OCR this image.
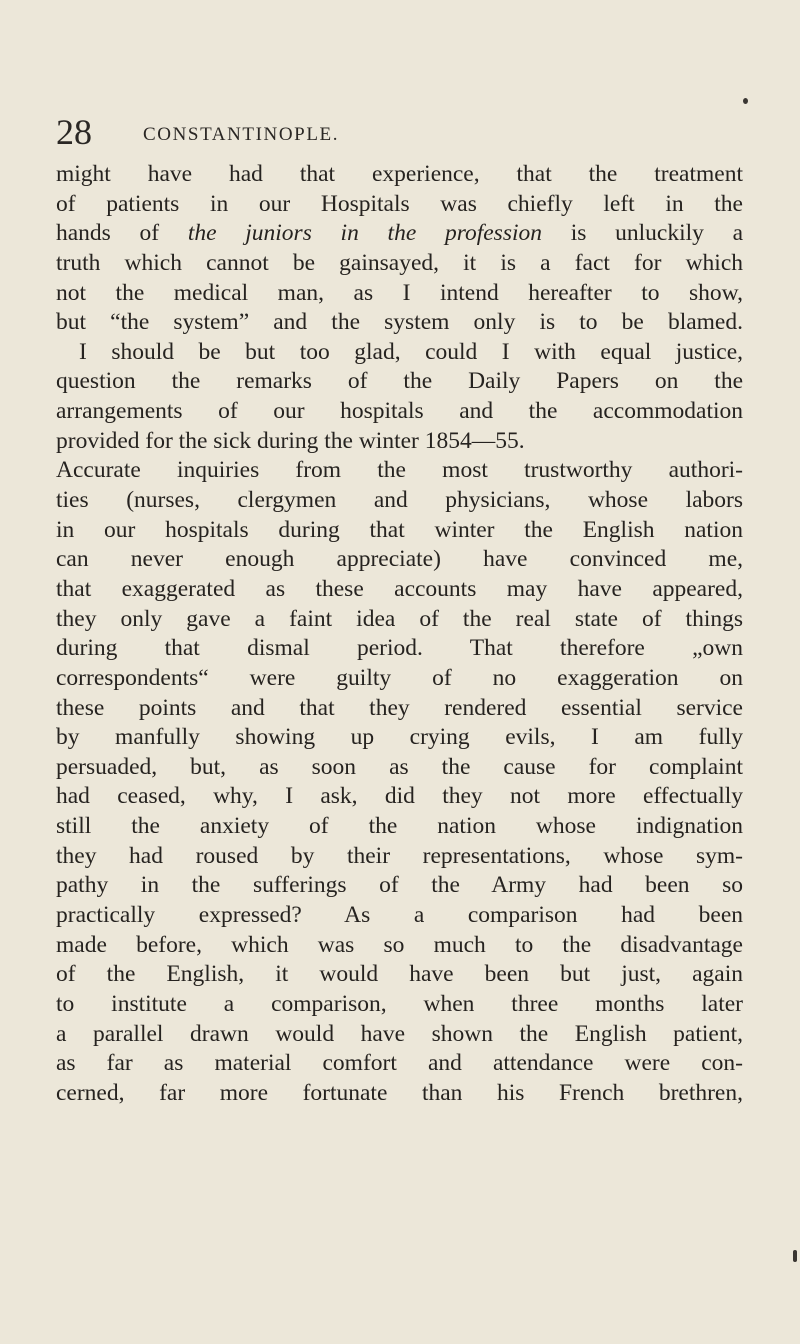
28	CONSTANTINOPLE.
might have had that experience, that the treatment
of patients in our Hospitals was chiefly left in the
hands of the juniors in the profession is unluckily a
truth which cannot be gainsayed, it is a fact for which
not the medical man, as I intend hereafter to show,
but “the system” and the system only is to be blamed.
I should be but too glad, could I with equal justice,
question the remarks of the Daily Papers on the
arrangements of our hospitals and the accommodation
provided for the sick during the winter 1854—55.
Accurate inquiries from the most trustworthy authori-
ties (nurses, clergymen and physicians, whose labors
in our hospitals during that winter the English nation
can never enough appreciate) have convinced me,
that exaggerated as these accounts may have appeared,
they only gave a faint idea of the real state of things
during that dismal period. That therefore „own
correspondents“ were guilty of no exaggeration on
these points and that they rendered essential service
by manfully showing up crying evils, I am fully
persuaded, but, as soon as the cause for complaint
had ceased, why, I ask, did they not more effectually
still the anxiety of the nation whose indignation
they had roused by their representations, whose sym-
pathy in the sufferings of the Army had been so
practically expressed? As a comparison had been
made before, which was so much to the disadvantage
of the English, it would have been but just, again
to institute a comparison, when three months later
a parallel drawn would have shown the English patient,
as far as material comfort and attendance were con-
cerned, far more fortunate than his French brethren,
